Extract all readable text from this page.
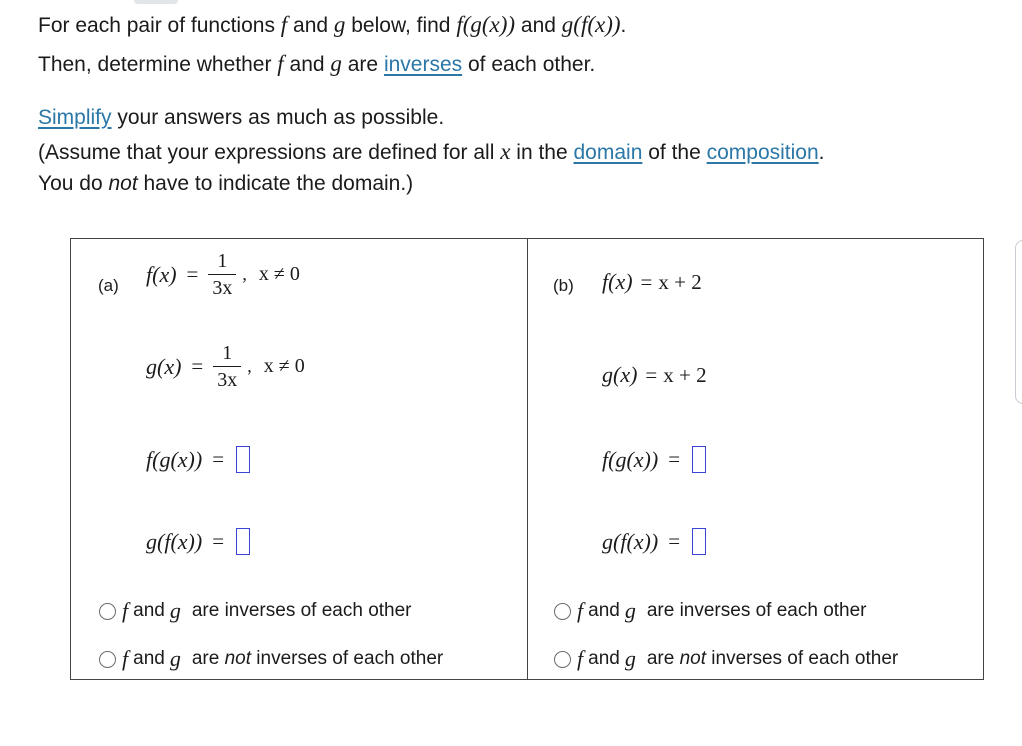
For each pair of functions f and g below, find f(g(x)) and g(f(x)).
Then, determine whether f and g are inverses of each other.
Simplify your answers as much as possible.
(Assume that your expressions are defined for all x in the domain of the composition.
You do not have to indicate the domain.)
(a) $f(x) = \frac{1}{3x}$ , x ≠ 0
$g(x) = \frac{1}{3x}$ , x ≠ 0
f(g(x)) =
g(f(x)) =
f and g are inverses of each other
f and g are not inverses of each other
(b) f(x) = x + 2
g(x) = x + 2
f(g(x)) =
g(f(x)) =
f and g are inverses of each other
f and g are not inverses of each other
